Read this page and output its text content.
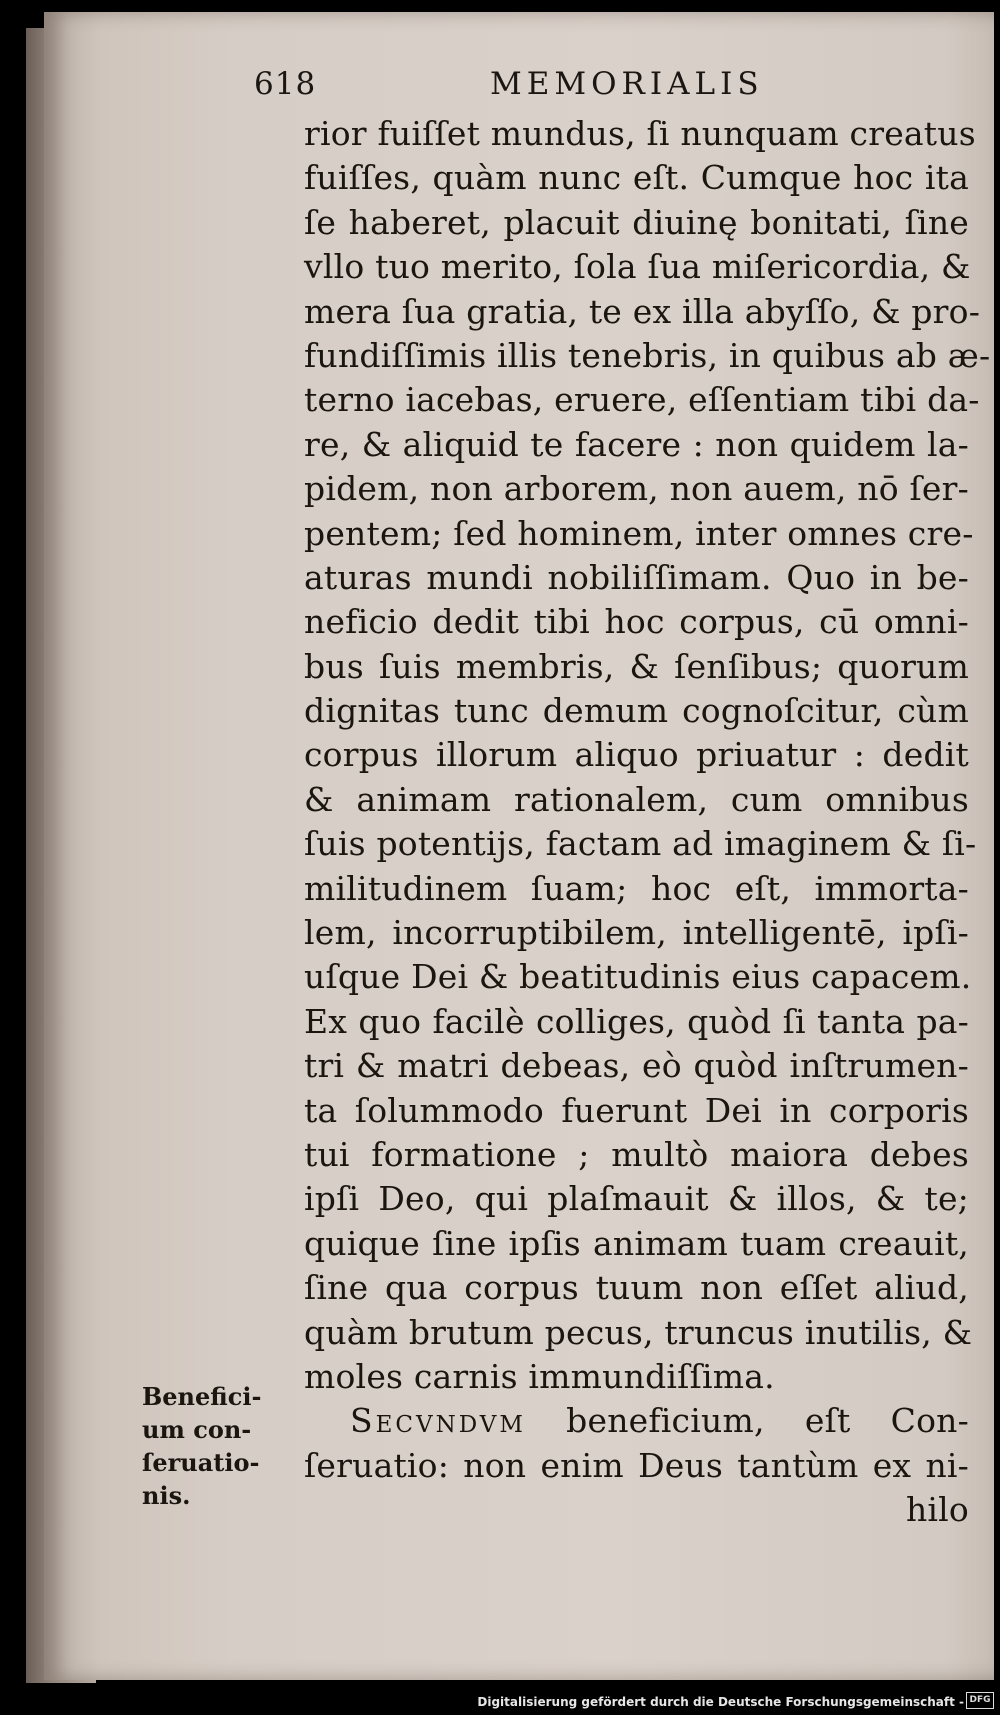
618	MEMORIALIS
rior fuiſſet mundus, ſi nunquam creatus
fuiſſes, quàm nunc eſt. Cumque hoc ita
ſe haberet, placuit diuinę bonitati, ſine
vllo tuo merito, ſola ſua miſericordia, &
mera ſua gratia, te ex illa abyſſo, & pro-
fundiſſimis illis tenebris, in quibus ab æ-
terno iacebas, eruere, eſſentiam tibi da-
re, & aliquid te facere : non quidem la-
pidem, non arborem, non auem, nō ſer-
pentem; ſed hominem, inter omnes cre-
aturas mundi nobiliſſimam. Quo in be-
neficio dedit tibi hoc corpus, cū omni-
bus ſuis membris, & ſenſibus; quorum
dignitas tunc demum cognoſcitur, cùm
corpus illorum aliquo priuatur : dedit
& animam rationalem, cum omnibus
ſuis potentijs, factam ad imaginem & ſi-
militudinem ſuam; hoc eſt, immorta-
lem, incorruptibilem, intelligentē, ipſi-
uſque Dei & beatitudinis eius capacem.
Ex quo facilè colliges, quòd ſi tanta pa-
tri & matri debeas, eò quòd inſtrumen-
ta ſolummodo fuerunt Dei in corporis
tui formatione ; multò maiora debes
ipſi Deo, qui plaſmauit & illos, & te;
quique ſine ipſis animam tuam creauit,
ſine qua corpus tuum non eſſet aliud,
quàm brutum pecus, truncus inutilis, &
moles carnis immundiſſima.
Secvndvm beneficium, eſt Con-
ſeruatio: non enim Deus tantùm ex ni-
hilo
Benefici-
um con-
ſeruatio-
nis.
Digitalisierung gefördert durch die Deutsche Forschungsgemeinschaft - DFG
